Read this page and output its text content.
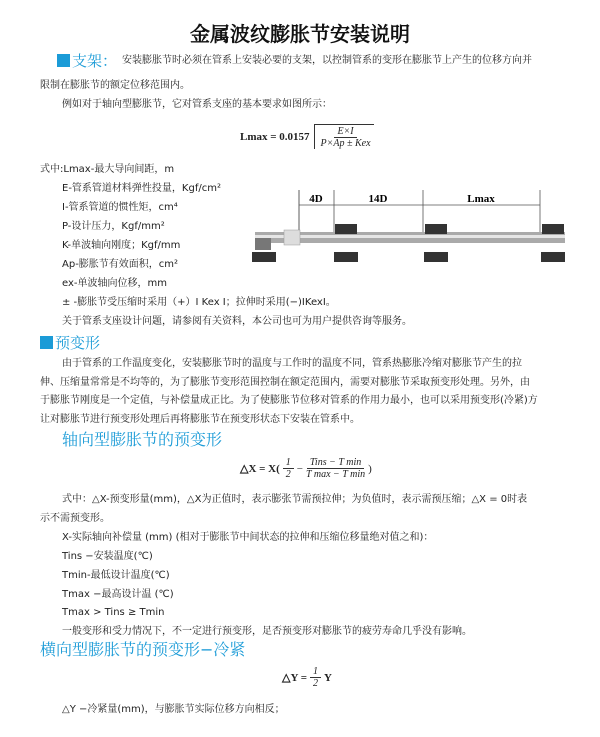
金属波纹膨胀节安装说明
支架： 安装膨胀节时必须在管系上安装必要的支架，以控制管系的变形在膨胀节上产生的位移方向并
限制在膨胀节的额定位移范围内。
例如对于轴向型膨胀节，它对管系支座的基本要求如图所示：
$Lmax = 0.0157 \frac{E\times I}{\text{P×Ap ± Kex}}$
式中:Lmax-最大导向间距，m
E-管系管道材料弹性投量，Kgf/cm²
I-管系管道的惯性矩，cm⁴
P-设计压力，Kgf/mm²
K-单波轴向刚度；Kgf/mm
Ap-膨胀节有效面积，cm²
ex-单波轴向位移，mm
± -膨胀节受压缩时采用（+）I Kex I；拉伸时采用(−)IKexI。
关于管系支座设计问题，请参阅有关资料，本公司也可为用户提供咨询等服务。
4D	14D	Lmax
预变形
由于管系的工作温度变化，安装膨胀节时的温度与工作时的温度不同，管系热膨胀冷缩对膨胀节产生的拉
伸、压缩量常常是不均等的，为了膨胀节变形范围控制在额定范围内，需要对膨胀节采取预变形处理。另外，由
于膨胀节刚度是一个定值，与补偿量成正比。为了使膨胀节位移对管系的作用力最小，也可以采用预变形(冷紧)方
让对膨胀节进行预变形处理后再将膨胀节在预变形状态下安装在管系中。
轴向型膨胀节的预变形
△X = $X( \frac{1}{2} - \frac{\text{Tins − T min}}{\text{T max − T min}}$ )
式中：△X-预变形量(mm)，△X为正值时，表示膨张节需预拉伸；为负值时，表示需预压缩；△X = 0时表
示不需预变形。
X-实际轴向补偿量 (mm) (相对于膨胀节中间状态的拉伸和压缩位移量绝对值之和)：
Tins −安装温度(℃)
Tmin-最低设计温度(℃)
Tmax −最高设计温 (℃)
Tmax > Tins ≥ Tmin
一般变形和受力情况下，不一定进行预变形，足否预变形对膨胀节的疲劳寿命几乎没有影响。
横向型膨胀节的预变形−冷紧
△Y = $\frac{1}{2}$ Y
△Y −冷紧量(mm)，与膨胀节实际位移方向相反；
